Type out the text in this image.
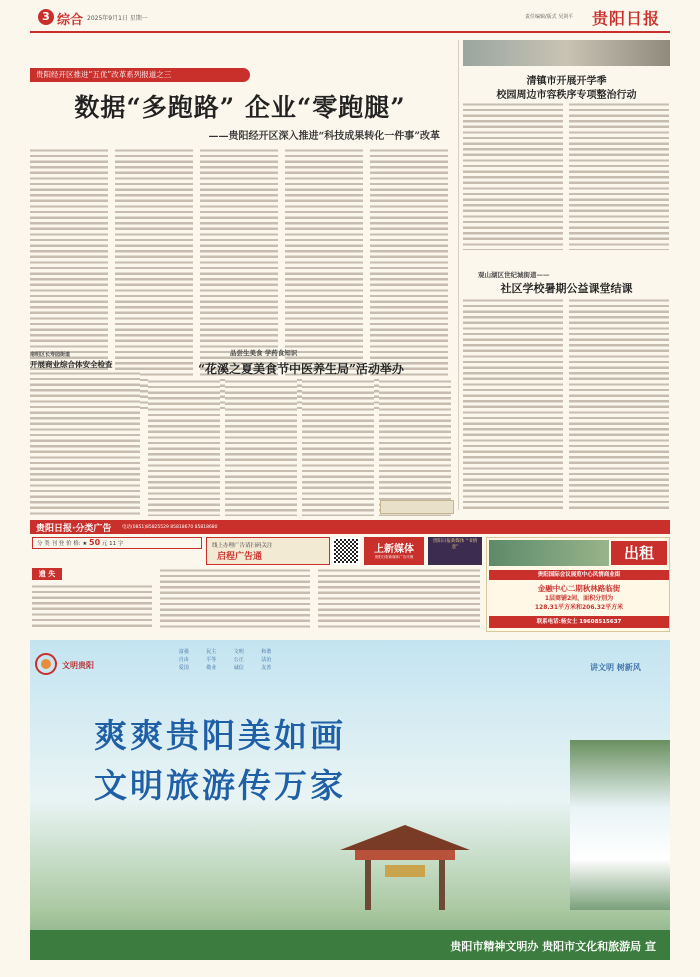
3 综合 2025年9月1日 星期一	责任编辑/版式 吴剑平 贵阳日报
贵阳经开区推进“五优”改革系列报道之三
数据“多跑路” 企业“零跑腿”
——贵阳经开区深入推进“科技成果转化一件事”改革
清镇市开展开学季
校园周边市容秩序专项整治行动
观山湖区世纪城街道——
社区学校暑期公益课堂结课
南明区长寿园街道
开展商业综合体安全检查
品尝生美食 学药食知识
“花溪之夏美食节中医养生局”活动举办
贵阳日报·分类广告 电话(0851)85825529 85818670 85818680
分 类 刊 登 价 格: ★ 50 元 11 字	线上办理广告请扫码关注
启程广告通
上新媒体
贵阳日报新媒体广告代理
贵阳日报新媒体 “书情意”
遗 失
出租
贵阳国际会议展览中心风情商业街
金融中心二期秋林路临街
1层商铺2间，面积分别为
128.31平方米和206.32平方米
联系电话:杨女士 19608515637
文明贵阳
富强	民主	文明	和谐
自由	平等	公正	法治
爱国	敬业	诚信	友善	讲文明 树新风
爽爽贵阳美如画
文明旅游传万家
贵阳市精神文明办 贵阳市文化和旅游局 宣
